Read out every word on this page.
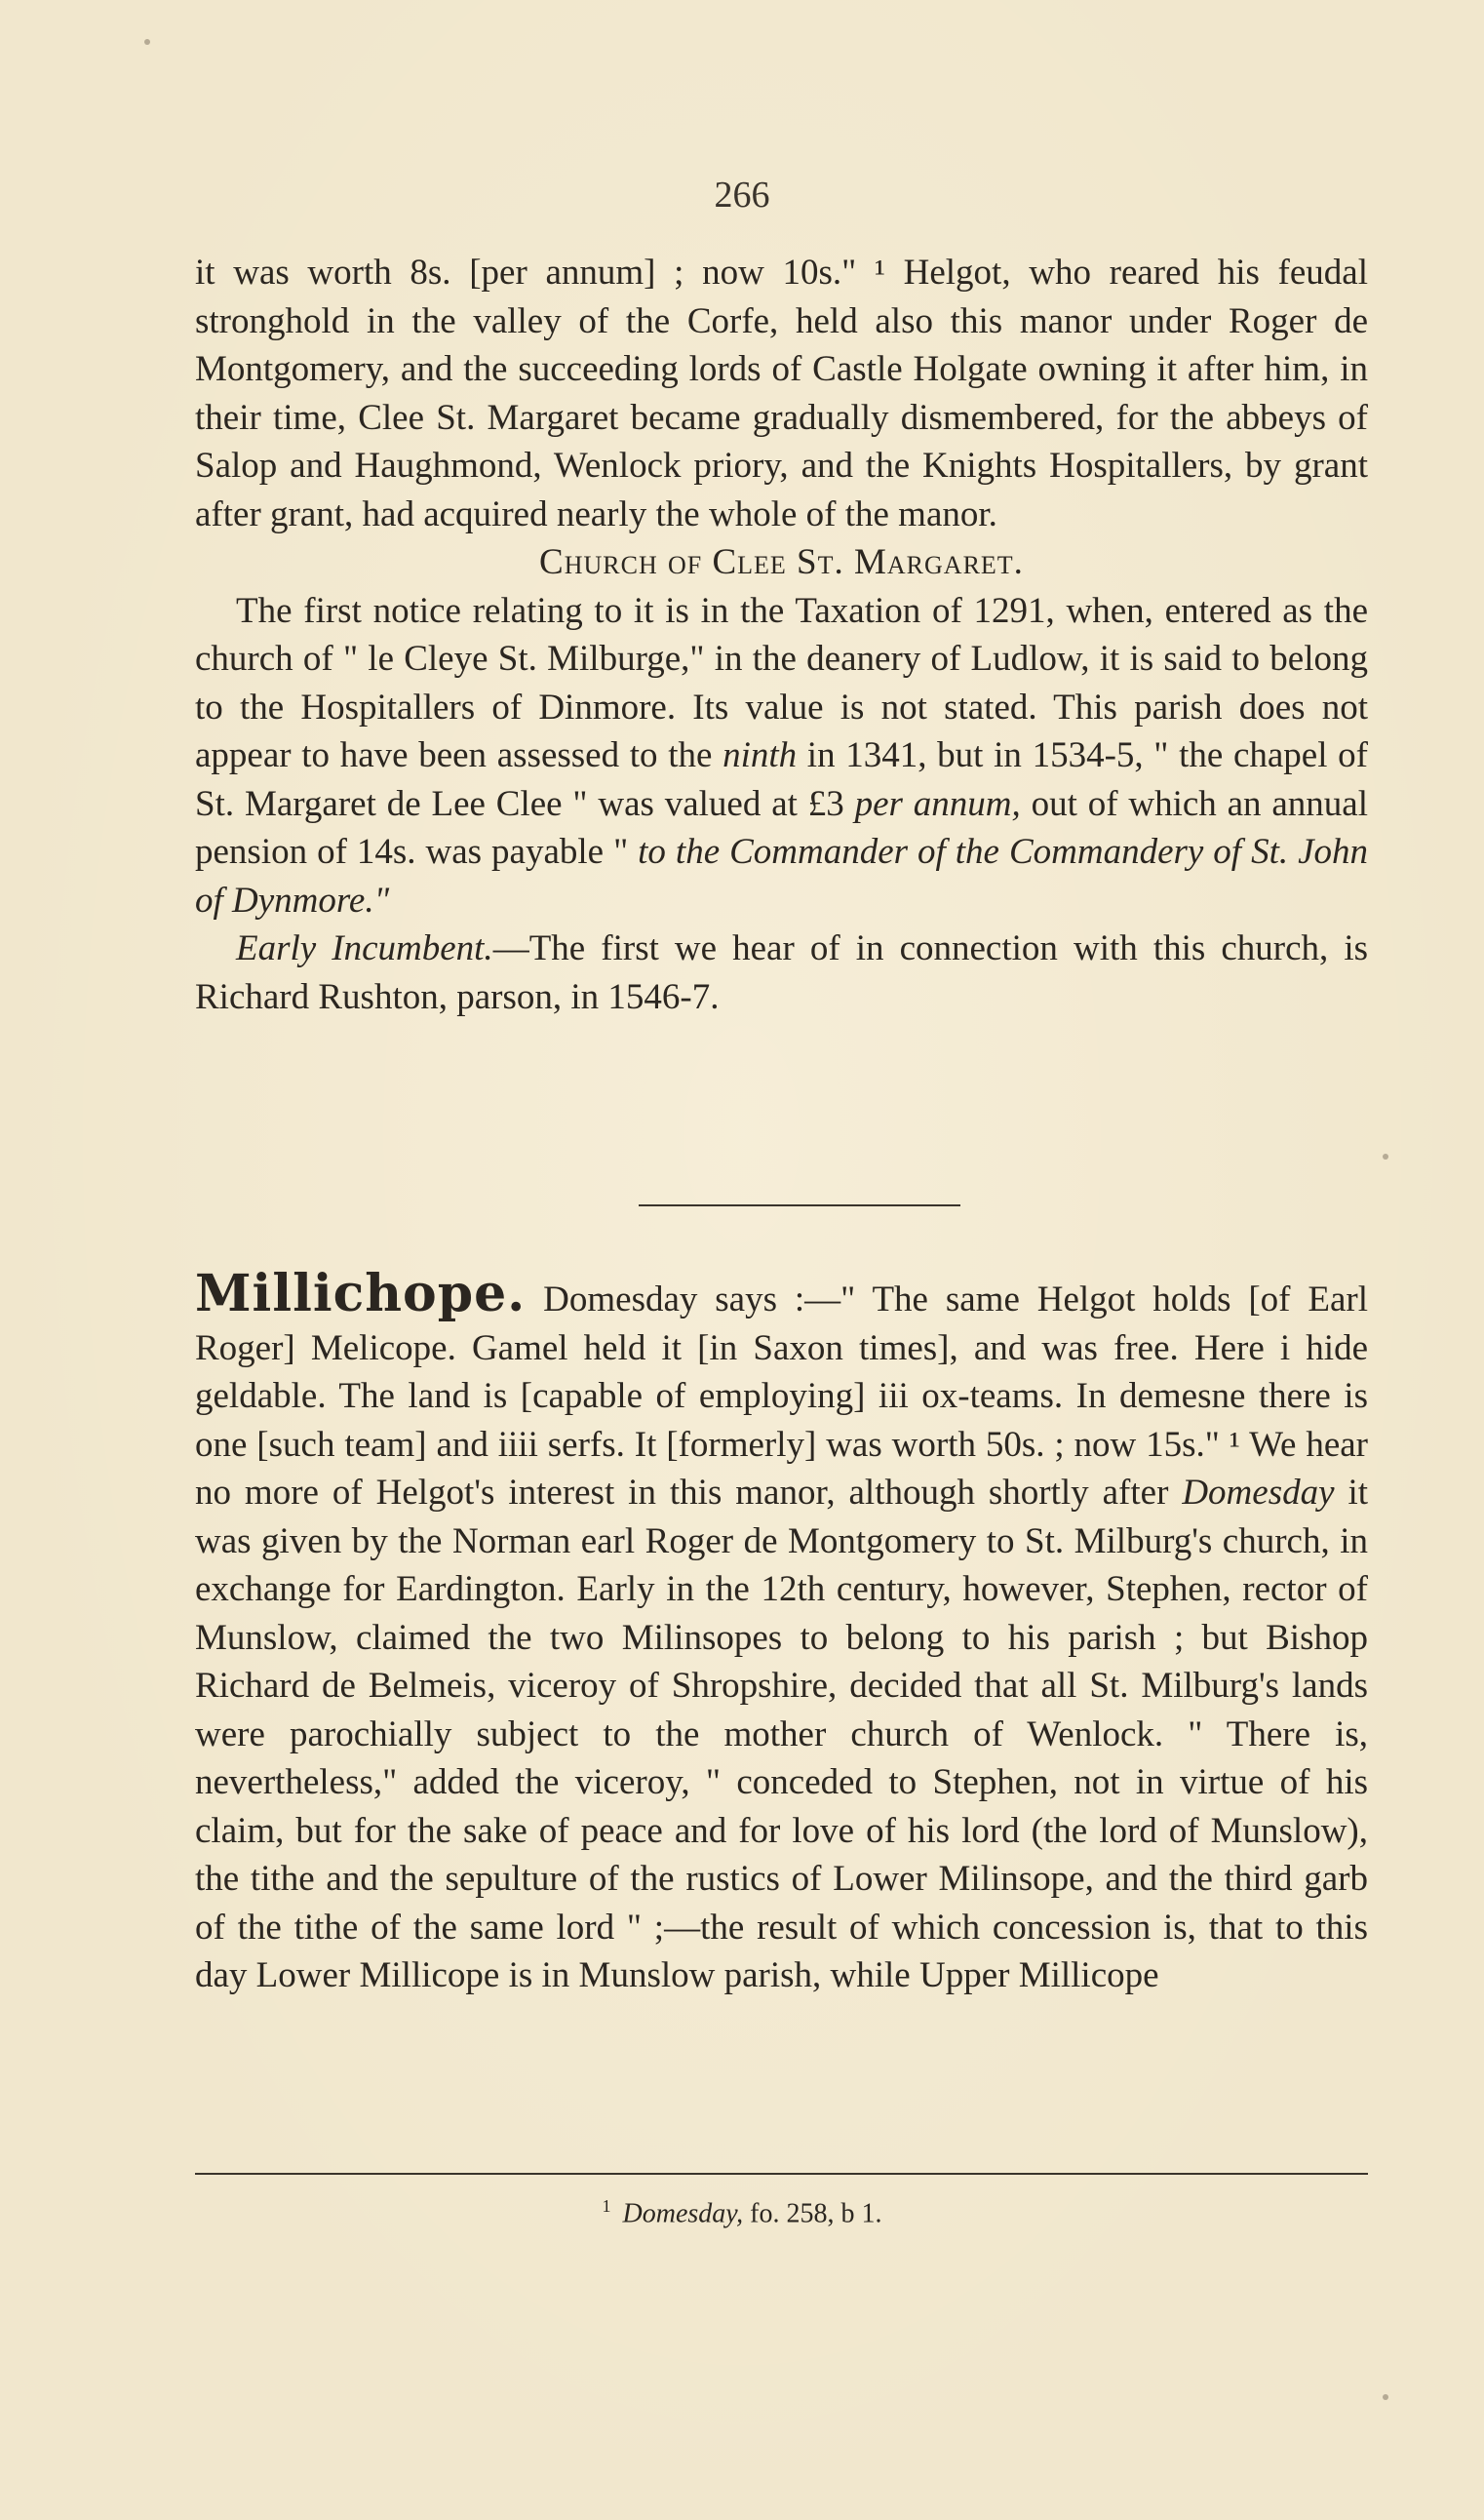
266

it was worth 8s. [per annum] ; now 10s." ¹ Helgot, who reared his feudal stronghold in the valley of the Corfe, held also this manor under Roger de Montgomery, and the succeeding lords of Castle Holgate owning it after him, in their time, Clee St. Margaret became gradually dismembered, for the abbeys of Salop and Haughmond, Wenlock priory, and the Knights Hospitallers, by grant after grant, had acquired nearly the whole of the manor.

Church of Clee St. Margaret.

The first notice relating to it is in the Taxation of 1291, when, entered as the church of " le Cleye St. Milburge," in the deanery of Ludlow, it is said to belong to the Hospitallers of Dinmore. Its value is not stated. This parish does not appear to have been assessed to the ninth in 1341, but in 1534-5, " the chapel of St. Margaret de Lee Clee " was valued at £3 per annum, out of which an annual pension of 14s. was payable " to the Commander of the Commandery of St. John of Dynmore."

Early Incumbent.—The first we hear of in connection with this church, is Richard Rushton, parson, in 1546-7.

Millichope. Domesday says :—" The same Helgot holds [of Earl Roger] Melicope. Gamel held it [in Saxon times], and was free. Here i hide geldable. The land is [capable of employing] iii ox-teams. In demesne there is one [such team] and iiii serfs. It [formerly] was worth 50s. ; now 15s." ¹ We hear no more of Helgot's interest in this manor, although shortly after Domesday it was given by the Norman earl Roger de Montgomery to St. Milburg's church, in exchange for Eardington. Early in the 12th century, however, Stephen, rector of Munslow, claimed the two Milinsopes to belong to his parish ; but Bishop Richard de Belmeis, viceroy of Shropshire, decided that all St. Milburg's lands were parochially subject to the mother church of Wenlock. " There is, nevertheless," added the viceroy, " conceded to Stephen, not in virtue of his claim, but for the sake of peace and for love of his lord (the lord of Munslow), the tithe and the sepulture of the rustics of Lower Milinsope, and the third garb of the tithe of the same lord " ;—the result of which concession is, that to this day Lower Millicope is in Munslow parish, while Upper Millicope

$^1$ Domesday, fo. 258, b 1.
